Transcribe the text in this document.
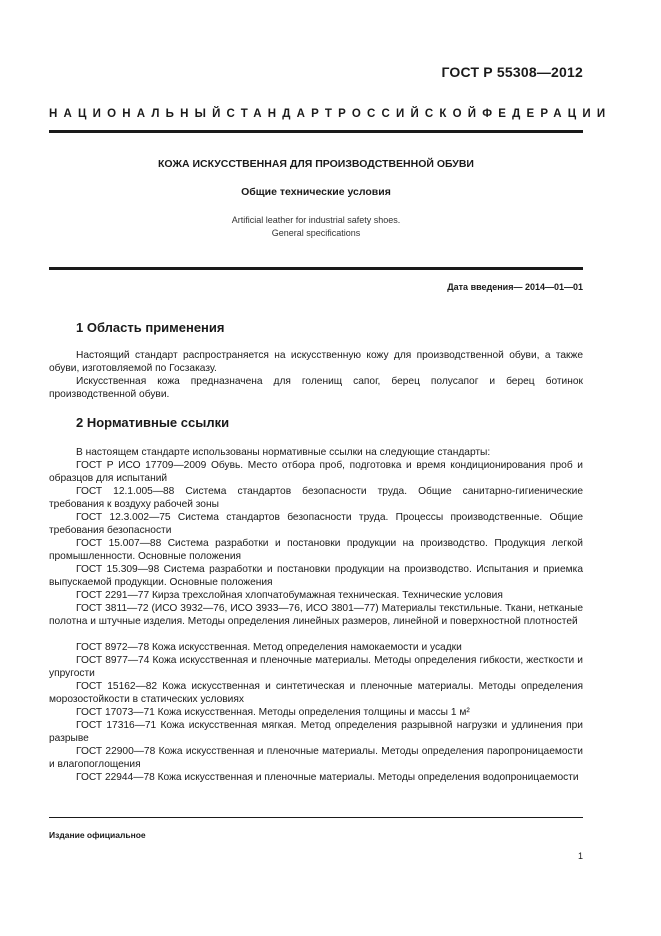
ГОСТ Р 55308—2012
НАЦИОНАЛЬНЫЙ СТАНДАРТ РОССИЙСКОЙ ФЕДЕРАЦИИ
КОЖА ИСКУССТВЕННАЯ ДЛЯ ПРОИЗВОДСТВЕННОЙ ОБУВИ
Общие технические условия
Artificial leather for industrial safety shoes.
General specifications
Дата введения— 2014—01—01
1 Область применения

Настоящий стандарт распространяется на искусственную кожу для производственной обуви, а также обуви, изготовляемой по Госзаказу.

Искусственная кожа предназначена для голенищ сапог, берец полусапог и берец ботинок производственной обуви.

2 Нормативные ссылки

В настоящем стандарте использованы нормативные ссылки на следующие стандарты:

ГОСТ Р ИСО 17709—2009 Обувь. Место отбора проб, подготовка и время кондиционирования проб и образцов для испытаний

ГОСТ 12.1.005—88 Система стандартов безопасности труда. Общие санитарно-гигиенические требования к воздуху рабочей зоны

ГОСТ 12.3.002—75 Система стандартов безопасности труда. Процессы производственные. Общие требования безопасности

ГОСТ 15.007—88 Система разработки и постановки продукции на производство. Продукция легкой промышленности. Основные положения

ГОСТ 15.309—98 Система разработки и постановки продукции на производство. Испытания и приемка выпускаемой продукции. Основные положения

ГОСТ 2291—77 Кирза трехслойная хлопчатобумажная техническая. Технические условия

ГОСТ 3811—72 (ИСО 3932—76, ИСО 3933—76, ИСО 3801—77) Материалы текстильные. Ткани, нетканые полотна и штучные изделия. Методы определения линейных размеров, линейной и поверхностной плотностей

ГОСТ 8972—78 Кожа искусственная. Метод определения намокаемости и усадки

ГОСТ 8977—74 Кожа искусственная и пленочные материалы. Методы определения гибкости, жесткости и упругости

ГОСТ 15162—82 Кожа искусственная и синтетическая и пленочные материалы. Методы определения морозостойкости в статических условиях

ГОСТ 17073—71 Кожа искусственная. Методы определения толщины и массы 1 м²

ГОСТ 17316—71 Кожа искусственная мягкая. Метод определения разрывной нагрузки и удлинения при разрыве

ГОСТ 22900—78 Кожа искусственная и пленочные материалы. Методы определения паропроницаемости и влагопоглощения

ГОСТ 22944—78 Кожа искусственная и пленочные материалы. Методы определения водопроницаемости

Издание официальное
1
